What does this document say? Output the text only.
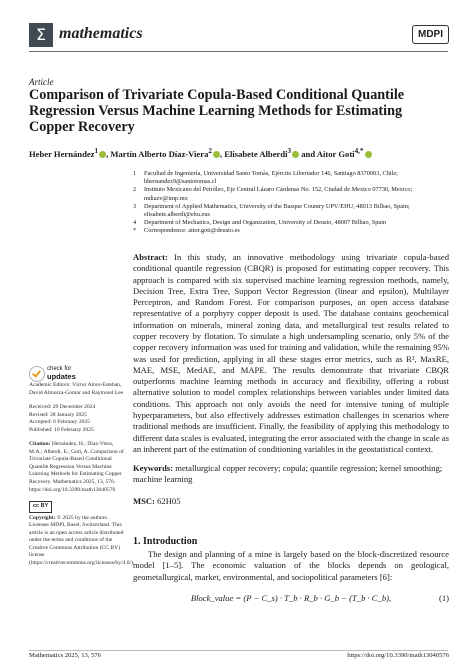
Σ mathematics	MDPI
Article
Comparison of Trivariate Copula-Based Conditional Quantile Regression Versus Machine Learning Methods for Estimating Copper Recovery
Heber Hernández$^1$ , Martín Alberto Díaz-Viera$^2$ , Elisabete Alberdi$^3$ and Aitor Goti$^{4,*}$
1	Facultad de Ingeniería, Universidad Santo Tomás, Ejército Libertador 146, Santiago 8370003, Chile; hhernandez9@santotomas.cl
2	Instituto Mexicano del Petróleo, Eje Central Lázaro Cárdenas No. 152, Ciudad de Mexico 07730, Mexico; mdiazv@imp.mx
3	Department of Applied Mathematics, University of the Basque Country UPV/EHU, 48013 Bilbao, Spain; elisabete.alberdi@ehu.eus
4	Department of Mechanics, Design and Organization, University of Deusto, 48007 Bilbao, Spain
*	Correspondence: aitor.goti@deusto.es
Abstract: In this study, an innovative methodology using trivariate copula-based conditional quantile regression (CBQR) is proposed for estimating copper recovery. This approach is compared with six supervised machine learning regression methods, namely, Decision Tree, Extra Tree, Support Vector Regression (linear and epsilon), Multilayer Perceptron, and Random Forest. For comparison purposes, an open access database representative of a porphyry copper deposit is used. The database contains geochemical information on minerals, mineral zoning data, and metallurgical test results related to copper recovery by flotation. To simulate a high undersampling scenario, only 5% of the copper recovery information was used for training and validation, while the remaining 95% was used for prediction, applying in all these stages error metrics, such as R², MaxRE, MAE, MSE, MedAE, and MAPE. The results demonstrate that trivariate CBQR outperforms machine learning methods in accuracy and flexibility, offering a robust alternative solution to model complex relationships between variables under limited data conditions. This approach not only avoids the need for intensive tuning of multiple hyperparameters, but also effectively addresses estimation challenges in scenarios where traditional methods are insufficient. Finally, the feasibility of applying this methodology to different data scales is evaluated, integrating the error associated with the change in scale as an inherent part of the estimation of conditioning variables in the geostatistical context.
Keywords: metallurgical copper recovery; copula; quantile regression; kernel smoothing; machine learning
MSC: 62H05
check for
updates

Academic Editors: Víctor Amor-Esteban, David Almorza-Gomar and Raymond Lee

Received: 29 December 2024

Revised: 28 January 2025

Accepted: 6 February 2025

Published: 10 February 2025

Citation: Hernández, H.; Díaz-Viera, M.A.; Alberdi, E.; Goti, A. Comparison of Trivariate Copula-Based Conditional Quantile Regression Versus Machine Learning Methods for Estimating Copper Recovery. Mathematics 2025, 13, 576. https://doi.org/10.3390/math13040576

cc BY

Copyright: © 2025 by the authors. Licensee MDPI, Basel, Switzerland. This article is an open access article distributed under the terms and conditions of the Creative Commons Attribution (CC BY) license (https://creativecommons.org/licenses/by/4.0/).

1. Introduction
The design and planning of a mine is largely based on the block-discretized resource model [1–5]. The economic valuation of the blocks depends on geological, geometallurgical, market, environmental, and sociopolitical parameters [6]:
Block_value = (P − C_s) · T_b · R_b · G_b − (T_b · C_b),	(1)
Mathematics 2025, 13, 576	https://doi.org/10.3390/math13040576
